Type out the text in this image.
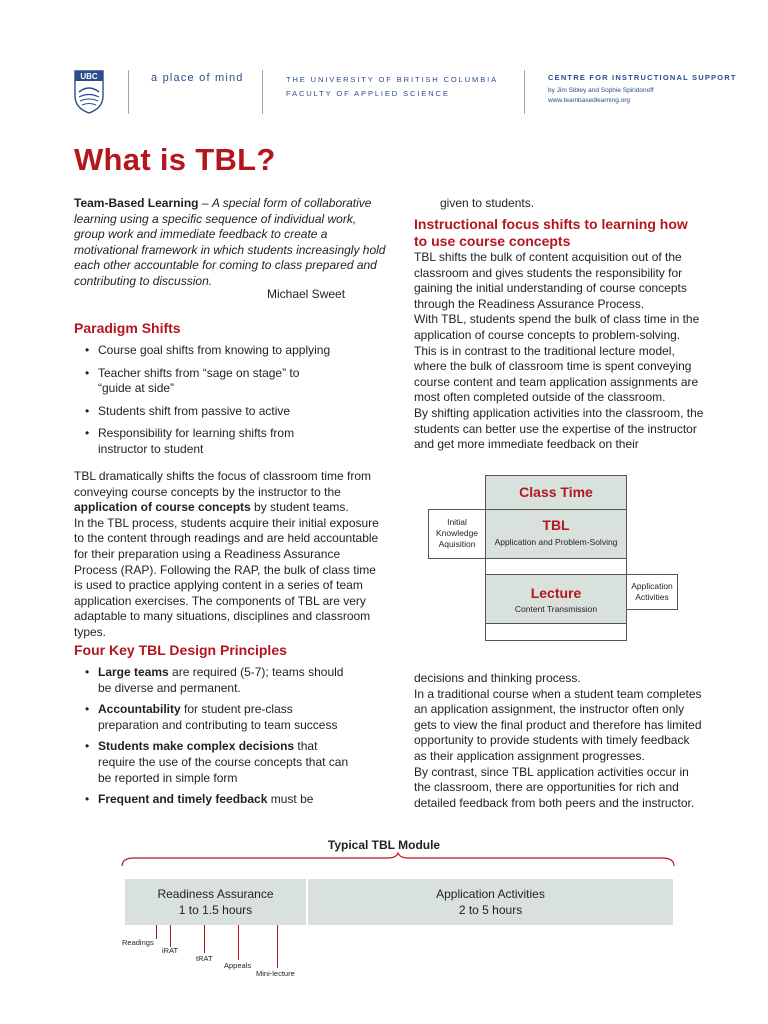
UBC	a place of mind	THE UNIVERSITY OF BRITISH COLUMBIA
FACULTY OF APPLIED SCIENCE
CENTRE FOR INSTRUCTIONAL SUPPORT
by Jim Sibley and Sophie Spiridonoff
www.teambasedlearning.org
What is TBL?
Team-Based Learning – A special form of collaborative learning using a specific sequence of individual work, group work and immediate feedback to create a motivational framework in which students increasingly hold each other accountable for coming to class prepared and contributing to discussion.
Michael Sweet
Paradigm Shifts
• Course goal shifts from knowing to applying
• Teacher shifts from “sage on stage” to “guide at side”
• Students shift from passive to active
• Responsibility for learning shifts from instructor to student
TBL dramatically shifts the focus of classroom time from conveying course concepts by the instructor to the application of course concepts by student teams.
In the TBL process, students acquire their initial exposure to the content through readings and are held accountable for their preparation using a Readiness Assurance Process (RAP). Following the RAP, the bulk of class time is used to practice applying content in a series of team application exercises. The components of TBL are very adaptable to many situations, disciplines and classroom types.
Four Key TBL Design Principles
• Large teams are required (5-7); teams should be diverse and permanent.
• Accountability for student pre-class preparation and contributing to team success
• Students make complex decisions that require the use of the course concepts that can be reported in simple form
• Frequent and timely feedback must be
given to students.
Instructional focus shifts to learning how to use course concepts
TBL shifts the bulk of content acquisition out of the classroom and gives students the responsibility for gaining the initial understanding of course concepts through the Readiness Assurance Process.
With TBL, students spend the bulk of class time in the application of course concepts to problem-solving. This is in contrast to the traditional lecture model, where the bulk of classroom time is spent conveying course content and team application assignments are most often completed outside of the classroom.
By shifting application activities into the classroom, the students can better use the expertise of the instructor and get more immediate feedback on their
Class Time
Initial Knowledge Aquisition
TBL
Application and Problem-Solving
Lecture
Content Transmission
Application Activities
decisions and thinking process.
In a traditional course when a student team completes an application assignment, the instructor often only gets to view the final product and therefore has limited opportunity to provide students with timely feedback as their application assignment progresses.
By contrast, since TBL application activities occur in the classroom, there are opportunities for rich and detailed feedback from both peers and the instructor.
Typical TBL Module
Readiness Assurance
1 to 1.5 hours
Application Activities
2 to 5 hours
Readings
iRAT
tRAT
Appeals
Mini-lecture
